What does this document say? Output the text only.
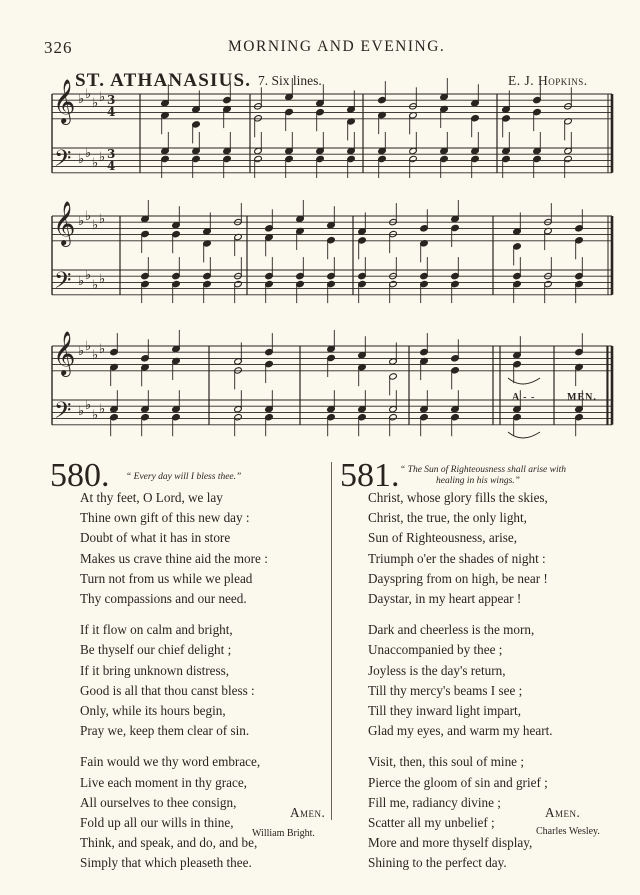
326	MORNING AND EVENING.
ST. ATHANASIUS. 7. Six lines.	E. J. Hopkins.
𝄞
𝄢
♭ ♭
♭ ♭
♭ ♭
♭ ♭
3
4
3
4
𝄞
𝄢
♭ ♭
♭ ♭
♭ ♭
♭ ♭
𝄞
𝄢
♭ ♭
♭ ♭
♭ ♭
♭ ♭
A - -	MEN.
580. “ Every day will I bless thee.”
At thy feet, O Lord, we lay
Thine own gift of this new day :
Doubt of what it has in store
Makes us crave thine aid the more :
Turn not from us while we plead
Thy compassions and our need.
If it flow on calm and bright,
Be thyself our chief delight ;
If it bring unknown distress,
Good is all that thou canst bless :
Only, while its hours begin,
Pray we, keep them clear of sin.
Fain would we thy word embrace,
Live each moment in thy grace,
All ourselves to thee consign,
Fold up all our wills in thine,
Think, and speak, and do, and be,
Simply that which pleaseth thee.
Amen.
William Bright.
581. “ The Sun of Righteousness shall arise with
healing in his wings.”
Christ, whose glory fills the skies,
Christ, the true, the only light,
Sun of Righteousness, arise,
Triumph o'er the shades of night :
Dayspring from on high, be near !
Daystar, in my heart appear !
Dark and cheerless is the morn,
Unaccompanied by thee ;
Joyless is the day's return,
Till thy mercy's beams I see ;
Till they inward light impart,
Glad my eyes, and warm my heart.
Visit, then, this soul of mine ;
Pierce the gloom of sin and grief ;
Fill me, radiancy divine ;
Scatter all my unbelief ;
More and more thyself display,
Shining to the perfect day.
Amen.
Charles Wesley.
